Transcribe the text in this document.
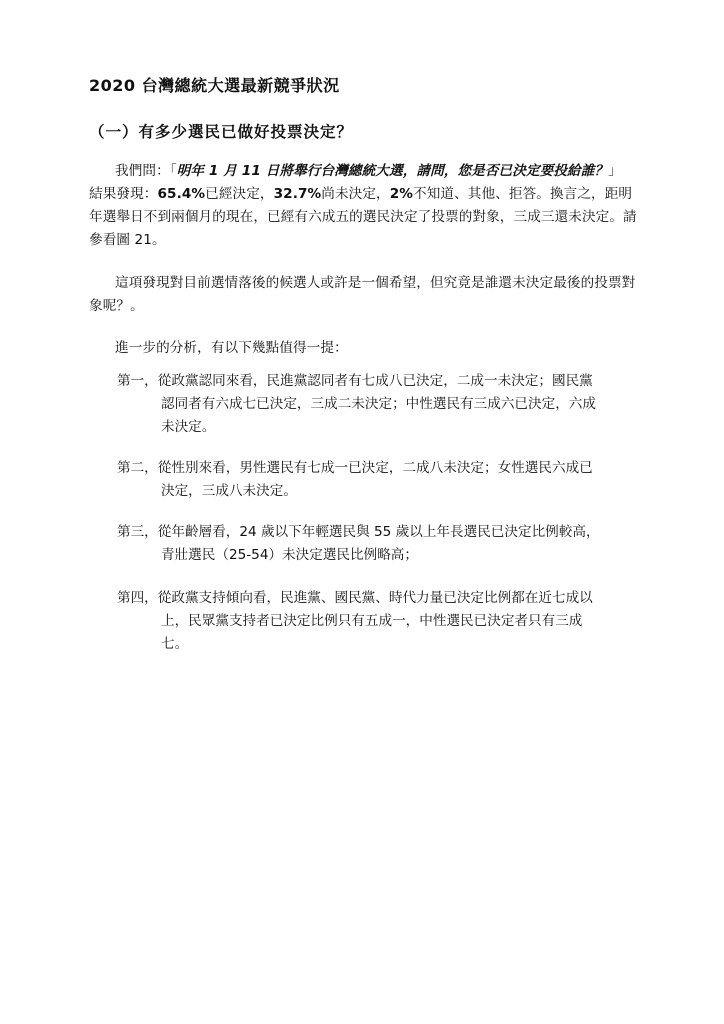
2020 台灣總統大選最新競爭狀況
（一）有多少選民已做好投票決定？
我們問：「明年 1 月 11 日將舉行台灣總統大選，請問，您是否已決定要投給誰？」
結果發現：65.4%已經決定，32.7%尚未決定，2%不知道、其他、拒答。換言之，距明年選舉日不到兩個月的現在，已經有六成五的選民決定了投票的對象，三成三還未決定。請參看圖 21。
這項發現對目前選情落後的候選人或許是一個希望，但究竟是誰還未決定最後的投票對象呢？。
進一步的分析，有以下幾點值得一提：
第一，從政黨認同來看，民進黨認同者有七成八已決定，二成一未決定；國民黨
認同者有六成七已決定，三成二未決定；中性選民有三成六已決定，六成
未決定。
第二，從性別來看，男性選民有七成一已決定，二成八未決定；女性選民六成已
決定，三成八未決定。
第三，從年齡層看，24 歲以下年輕選民與 55 歲以上年長選民已決定比例較高，
青壯選民（25-54）未決定選民比例略高；
第四，從政黨支持傾向看，民進黨、國民黨、時代力量已決定比例都在近七成以
上，民眾黨支持者已決定比例只有五成一，中性選民已決定者只有三成
七。
